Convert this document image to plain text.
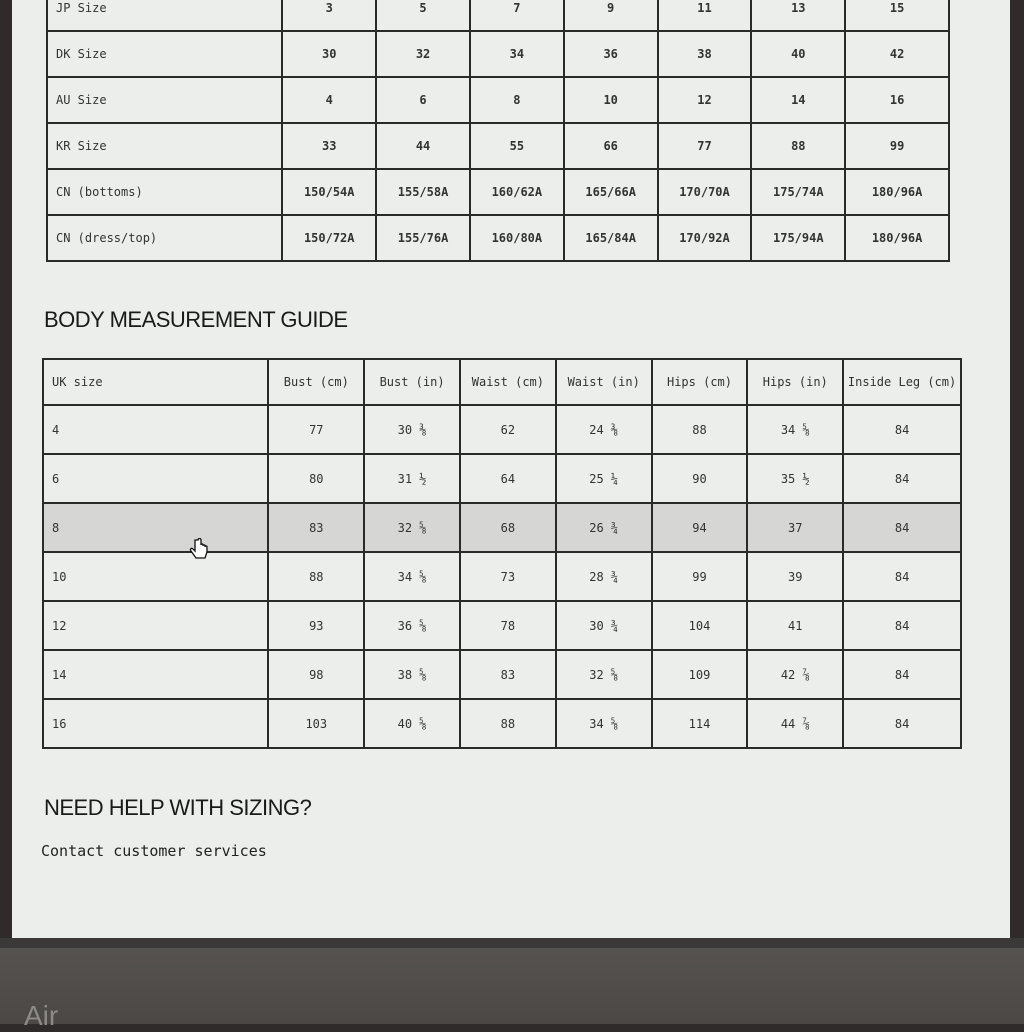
JP Size	3	5	7	9	11	13	15
DK Size	30	32	34	36	38	40	42
AU Size	4	6	8	10	12	14	16
KR Size	33	44	55	66	77	88	99
CN (bottoms)	150/54A	155/58A	160/62A	165/66A	170/70A	175/74A	180/96A
CN (dress/top)	150/72A	155/76A	160/80A	165/84A	170/92A	175/94A	180/96A
BODY MEASUREMENT GUIDE
UK size	Bust (cm)	Bust (in)	Waist (cm)	Waist (in)	Hips (cm)	Hips (in)	Inside Leg (cm)
4	77	30 ⅜	62	24 ⅜	88	34 ⅝	84
6	80	31 ½	64	25 ¼	90	35 ½	84
8	83	32 ⅝	68	26 ¾	94	37	84
10	88	34 ⅝	73	28 ¾	99	39	84
12	93	36 ⅝	78	30 ¾	104	41	84
14	98	38 ⅝	83	32 ⅝	109	42 ⅞	84
16	103	40 ⅝	88	34 ⅝	114	44 ⅞	84
NEED HELP WITH SIZING?
Contact customer services
Air
